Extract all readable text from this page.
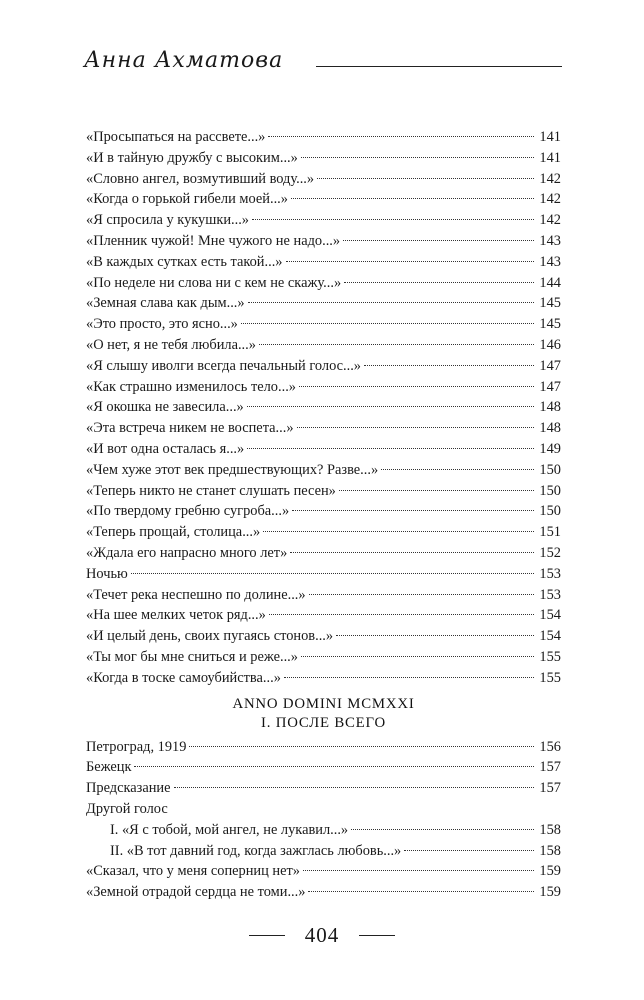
Анна Ахматова
«Просыпаться на рассвете...»	141
«И в тайную дружбу с высоким...»	141
«Словно ангел, возмутивший воду...»	142
«Когда о горькой гибели моей...»	142
«Я спросила у кукушки...»	142
«Пленник чужой! Мне чужого не надо...»	143
«В каждых сутках есть такой...»	143
«По неделе ни слова ни с кем не скажу...»	144
«Земная слава как дым...»	145
«Это просто, это ясно...»	145
«О нет, я не тебя любила...»	146
«Я слышу иволги всегда печальный голос...»	147
«Как страшно изменилось тело...»	147
«Я окошка не завесила...»	148
«Эта встреча никем не воспета...»	148
«И вот одна осталась я...»	149
«Чем хуже этот век предшествующих? Разве...»	150
«Теперь никто не станет слушать песен»	150
«По твердому гребню сугроба...»	150
«Теперь прощай, столица...»	151
«Ждала его напрасно много лет»	152
Ночью	153
«Течет река неспешно по долине...»	153
«На шее мелких четок ряд...»	154
«И целый день, своих пугаясь стонов...»	154
«Ты мог бы мне сниться и реже...»	155
«Когда в тоске самоубийства...»	155
ANNO DOMINI MCMXXI
I. ПОСЛЕ ВСЕГО
Петроград, 1919	156
Бежецк	157
Предсказание	157
Другой голос
I. «Я с тобой, мой ангел, не лукавил...»	158
II. «В тот давний год, когда зажглась любовь...»	158
«Сказал, что у меня соперниц нет»	159
«Земной отрадой сердца не томи...»	159
404
